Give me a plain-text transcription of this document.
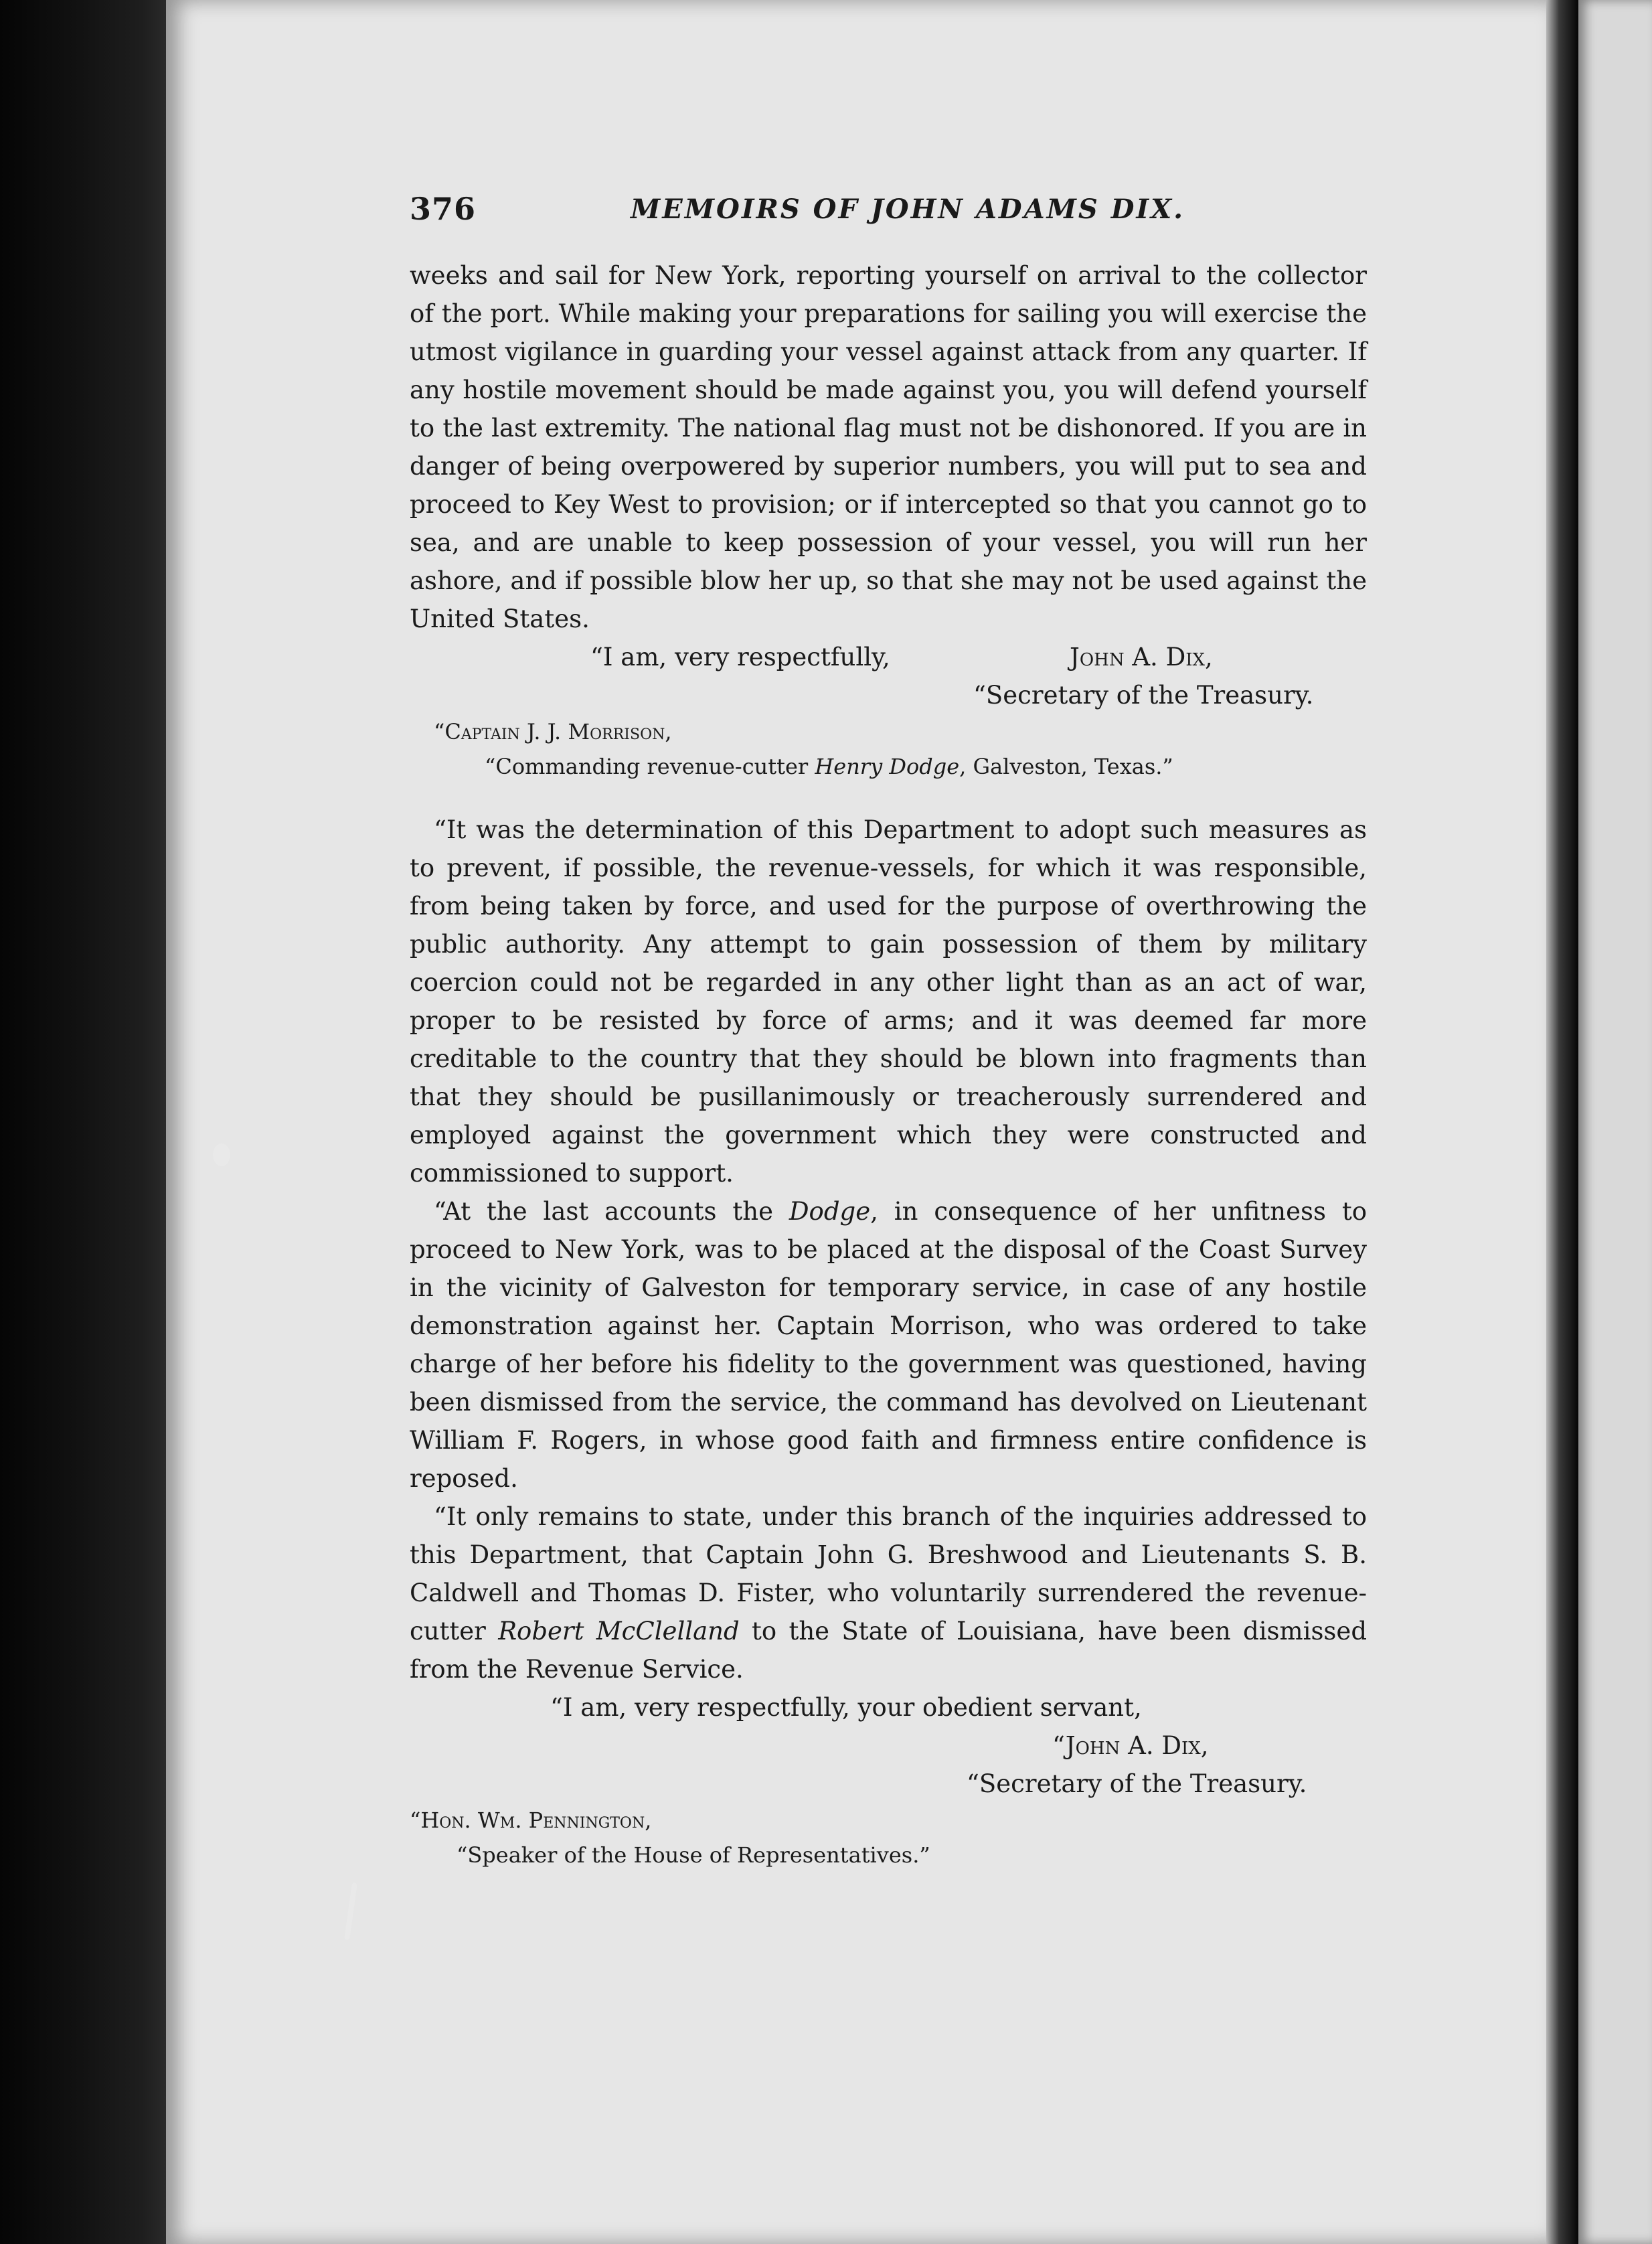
376	MEMOIRS OF JOHN ADAMS DIX.

weeks and sail for New York, reporting yourself on arrival to the collector of the port. While making your preparations for sailing you will exercise the utmost vigilance in guarding your vessel against attack from any quarter. If any hostile movement should be made against you, you will defend yourself to the last extremity. The national flag must not be dishonored. If you are in danger of being overpowered by superior numbers, you will put to sea and proceed to Key West to provision; or if intercepted so that you cannot go to sea, and are unable to keep possession of your vessel, you will run her ashore, and if possible blow her up, so that she may not be used against the United States.

“I am, very respectfully,	John A. Dix,
“Secretary of the Treasury.
“Captain J. J. Morrison,
“Commanding revenue-cutter Henry Dodge, Galveston, Texas.”

“It was the determination of this Department to adopt such measures as to prevent, if possible, the revenue-vessels, for which it was responsible, from being taken by force, and used for the purpose of overthrowing the public authority. Any attempt to gain possession of them by military coercion could not be regarded in any other light than as an act of war, proper to be resisted by force of arms; and it was deemed far more creditable to the country that they should be blown into fragments than that they should be pusillanimously or treacherously surrendered and employed against the government which they were constructed and commissioned to support.

“At the last accounts the Dodge, in consequence of her unfitness to proceed to New York, was to be placed at the disposal of the Coast Survey in the vicinity of Galveston for temporary service, in case of any hostile demonstration against her. Captain Morrison, who was ordered to take charge of her before his fidelity to the government was questioned, having been dismissed from the service, the command has devolved on Lieutenant William F. Rogers, in whose good faith and firmness entire confidence is reposed.

“It only remains to state, under this branch of the inquiries addressed to this Department, that Captain John G. Breshwood and Lieutenants S. B. Caldwell and Thomas D. Fister, who voluntarily surrendered the revenue-cutter Robert McClelland to the State of Louisiana, have been dismissed from the Revenue Service.

“I am, very respectfully, your obedient servant,
“John A. Dix,
“Secretary of the Treasury.
“Hon. Wm. Pennington,
“Speaker of the House of Representatives.”
